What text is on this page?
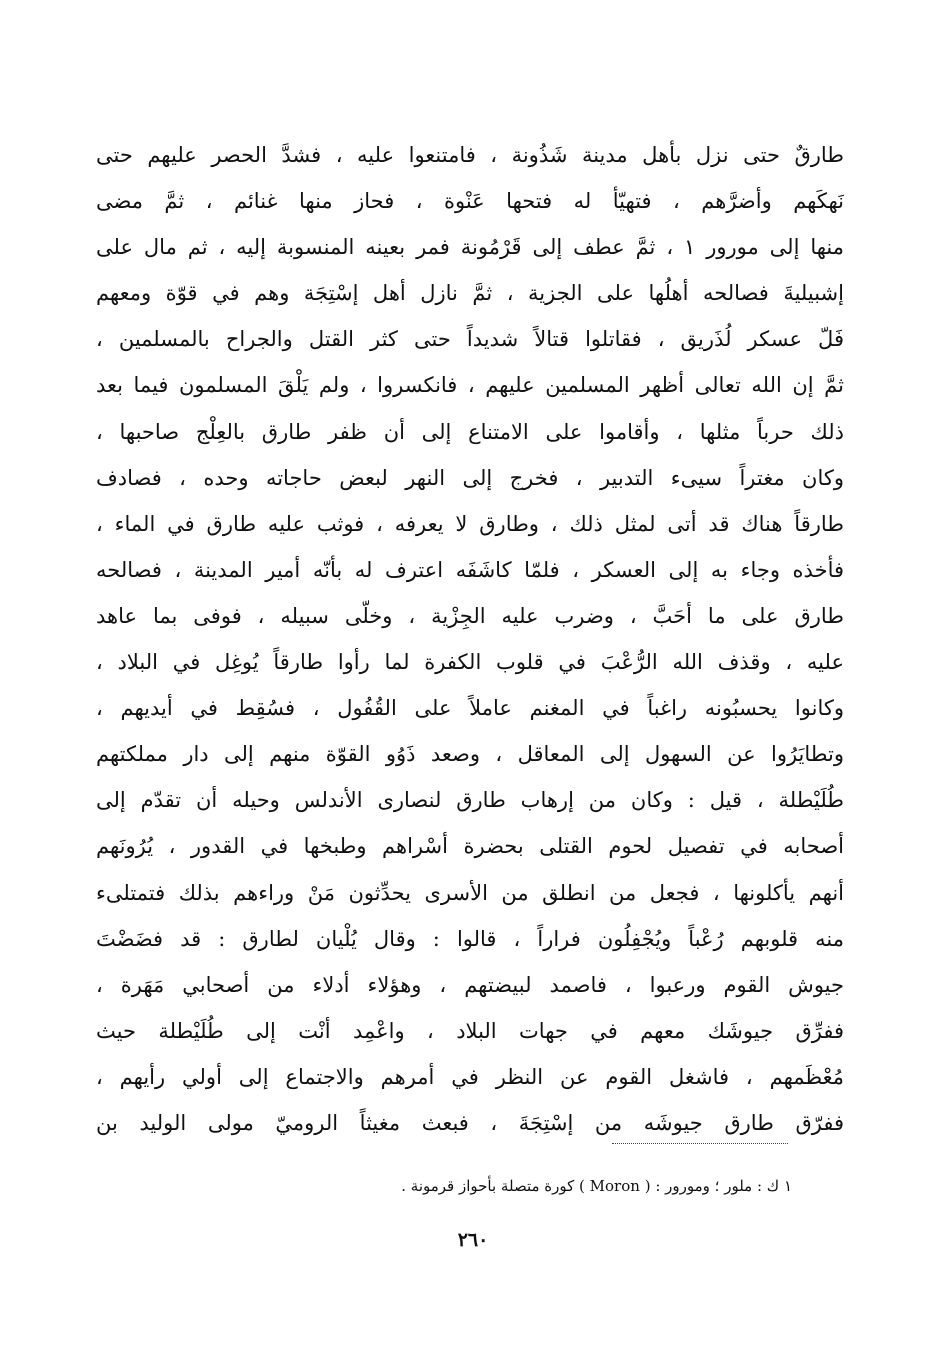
طارقٌ حتى نزل بأهل مدينة شَذُونة ، فامتنعوا عليه ، فشدَّ الحصر عليهم حتى
نَهكَهم وأضرَّهم ، فتهيّأ له فتحها عَنْوة ، فحاز منها غنائم ، ثمَّ مضى
منها إلى مورور ١ ، ثمَّ عطف إلى قَرْمُونة فمر بعينه المنسوبة إليه ، ثم مال على
إشبيليةَ فصالحه أهلُها على الجزية ، ثمَّ نازل أهل إسْتِجَة وهم في قوّة ومعهم
فَلّ عسكر لُذَريق ، فقاتلوا قتالاً شديداً حتى كثر القتل والجراح بالمسلمين ،
ثمَّ إن الله تعالى أظهر المسلمين عليهم ، فانكسروا ، ولم يَلْقَ المسلمون فيما بعد
ذلك حرباً مثلها ، وأقاموا على الامتناع إلى أن ظفر طارق بالعِلْج صاحبها ،
وكان مغتراً سيىء التدبير ، فخرج إلى النهر لبعض حاجاته وحده ، فصادف
طارقاً هناك قد أتى لمثل ذلك ، وطارق لا يعرفه ، فوثب عليه طارق في الماء ،
فأخذه وجاء به إلى العسكر ، فلمّا كاشَفَه اعترف له بأنّه أمير المدينة ، فصالحه
طارق على ما أحَبَّ ، وضرب عليه الجِزْية ، وخلّى سبيله ، فوفى بما عاهد
عليه ، وقذف الله الرُّعْبَ في قلوب الكفرة لما رأوا طارقاً يُوغِل في البلاد ،
وكانوا يحسبُونه راغباً في المغنم عاملاً على القُفُول ، فسُقِط في أيديهم ،
وتطايَرُوا عن السهول إلى المعاقل ، وصعد ذَوُو القوّة منهم إلى دار مملكتهم
طُلَيْطلة ، قيل : وكان من إرهاب طارق لنصارى الأندلس وحيله أن تقدّم إلى
أصحابه في تفصيل لحوم القتلى بحضرة أسْراهم وطبخها في القدور ، يُرُونَهم
أنهم يأكلونها ، فجعل من انطلق من الأسرى يحدِّثون مَنْ وراءهم بذلك فتمتلىء
منه قلوبهم رُعْباً ويُجْفِلُون فراراً ، قالوا : وقال يُلْيان لطارق : قد فضَضْتَ
جيوش القوم ورعبوا ، فاصمد لبيضتهم ، وهؤلاء أدلاء من أصحابي مَهَرة ،
ففرِّق جيوشَك معهم في جهات البلاد ، واعْمِد أنْت إلى طُلَيْطلة حيث
مُعْظَمهم ، فاشغل القوم عن النظر في أمرهم والاجتماع إلى أولي رأيهم ،
ففرّق طارق جيوشَه من إسْتِجَةَ ، فبعث مغيثاً الروميّ مولى الوليد بن
١ ك : ملور ؛ ومورور : ( Moron ) كورة متصلة بأحواز قرمونة .
٢٦٠
